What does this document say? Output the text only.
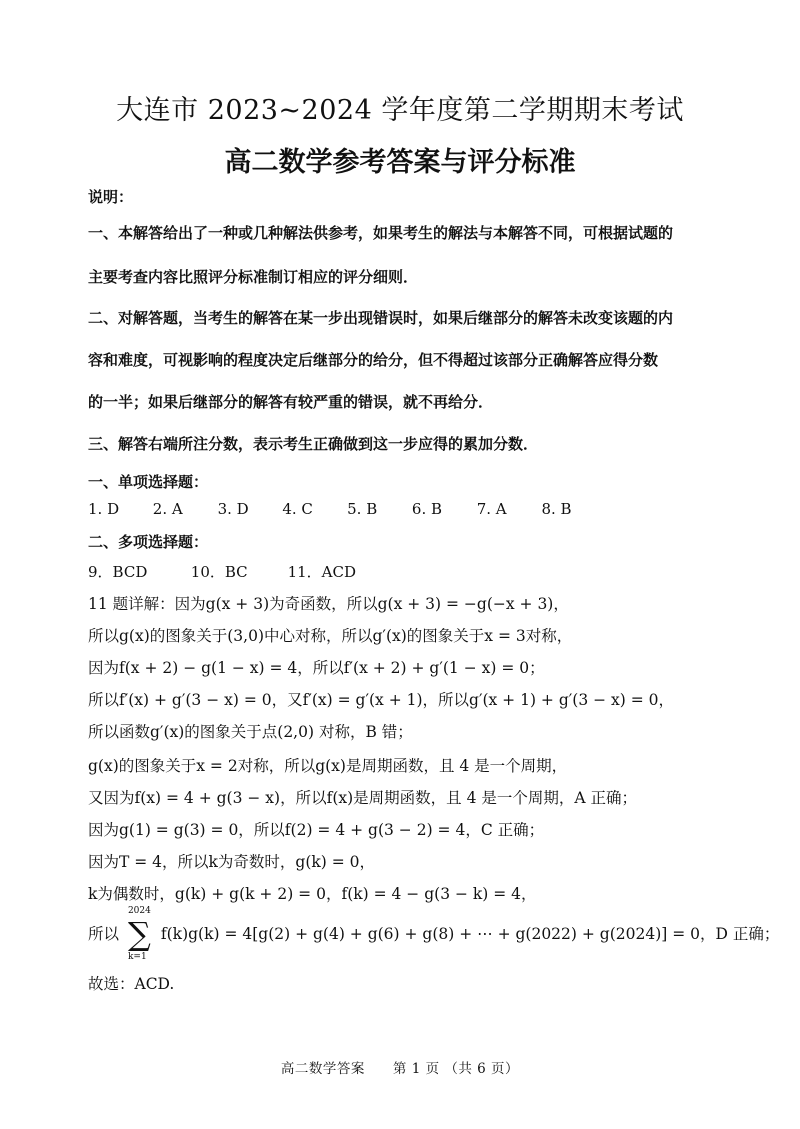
大连市 2023~2024 学年度第二学期期末考试
高二数学参考答案与评分标准
说明：
一、本解答给出了一种或几种解法供参考，如果考生的解法与本解答不同，可根据试题的
主要考查内容比照评分标准制订相应的评分细则．
二、对解答题，当考生的解答在某一步出现错误时，如果后继部分的解答未改变该题的内
容和难度，可视影响的程度决定后继部分的给分，但不得超过该部分正确解答应得分数
的一半；如果后继部分的解答有较严重的错误，就不再给分．
三、解答右端所注分数，表示考生正确做到这一步应得的累加分数．
一、单项选择题：
1. D 2. A 3. D 4. C 5. B 6. B 7. A 8. B
二、多项选择题：
9．BCD	10．BC	11．ACD
11 题详解：因为g(x + 3)为奇函数，所以g(x + 3) = −g(−x + 3)，
所以g(x)的图象关于(3,0)中心对称，所以g′(x)的图象关于x = 3对称，
因为f(x + 2) − g(1 − x) = 4，所以f′(x + 2) + g′(1 − x) = 0；
所以f′(x) + g′(3 − x) = 0，又f′(x) = g′(x + 1)，所以g′(x + 1) + g′(3 − x) = 0，
所以函数g′(x)的图象关于点(2,0) 对称，B 错；
g(x)的图象关于x = 2对称，所以g(x)是周期函数，且 4 是一个周期，
又因为f(x) = 4 + g(3 − x)，所以f(x)是周期函数，且 4 是一个周期，A 正确；
因为g(1) = g(3) = 0，所以f(2) = 4 + g(3 − 2) = 4，C 正确；
因为T = 4，所以k为奇数时，g(k) = 0，
k为偶数时，g(k) + g(k + 2) = 0，f(k) = 4 − g(3 − k) = 4，
所以
2024
∑
k=1
f(k)g(k) = 4[g(2) + g(4) + g(6) + g(8) + ⋯ + g(2022) + g(2024)] = 0，D 正确；
故选：ACD.
高二数学答案　　第 1 页 （共 6 页）
